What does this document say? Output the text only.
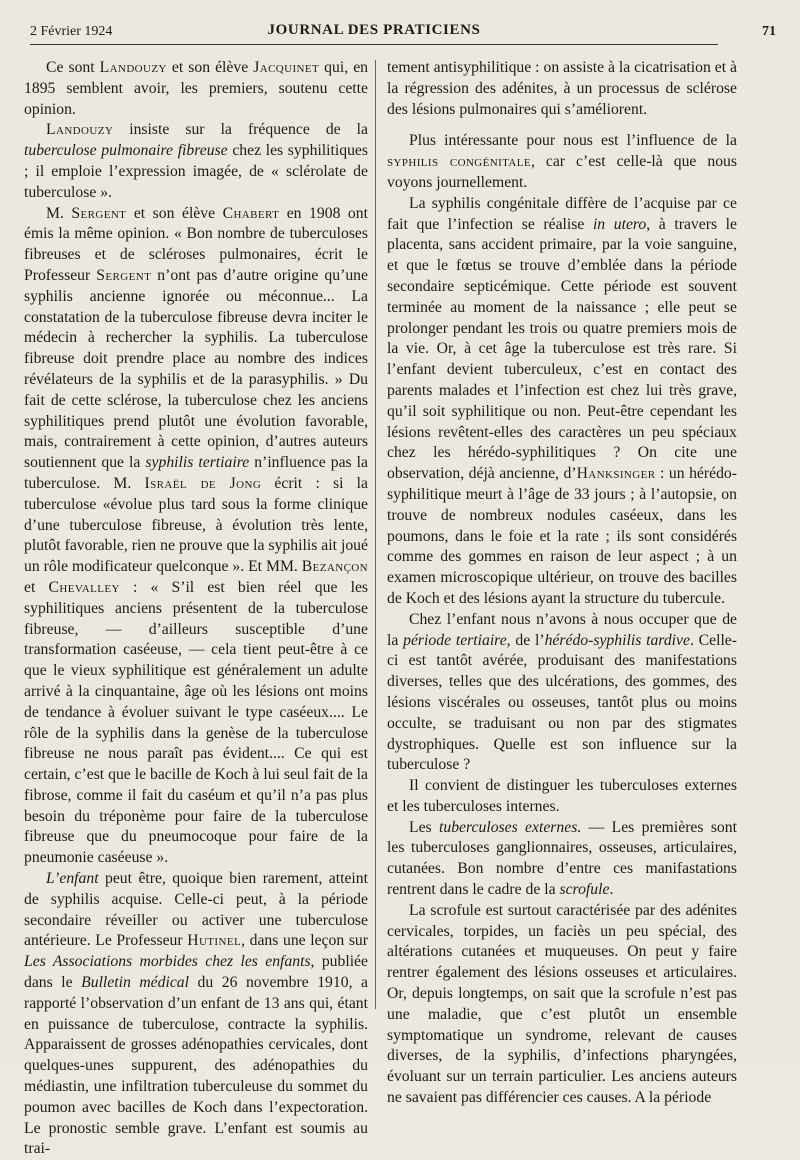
2 Février 1924	JOURNAL DES PRATICIENS	71

Ce sont Landouzy et son élève Jacquinet qui, en 1895 semblent avoir, les premiers, soutenu cette opinion.

Landouzy insiste sur la fréquence de la tuberculose pulmonaire fibreuse chez les syphilitiques ; il emploie l’expression imagée, de « sclérolate de tuberculose ».

M. Sergent et son élève Chabert en 1908 ont émis la même opinion. « Bon nombre de tuberculoses fibreuses et de scléroses pulmonaires, écrit le Professeur Sergent n’ont pas d’autre origine qu’une syphilis ancienne ignorée ou méconnue... La constatation de la tuberculose fibreuse devra inciter le médecin à rechercher la syphilis. La tuberculose fibreuse doit prendre place au nombre des indices révélateurs de la syphilis et de la parasyphilis. » Du fait de cette sclérose, la tuberculose chez les anciens syphilitiques prend plutôt une évolution favorable, mais, contrairement à cette opinion, d’autres auteurs soutiennent que la syphilis tertiaire n’influence pas la tuberculose. M. Israël de Jong écrit : si la tuberculose «évolue plus tard sous la forme clinique d’une tuberculose fibreuse, à évolution très lente, plutôt favorable, rien ne prouve que la syphilis ait joué un rôle modificateur quelconque ». Et MM. Bezançon et Chevalley : « S’il est bien réel que les syphilitiques anciens présentent de la tuberculose fibreuse, — d’ailleurs susceptible d’une transformation caséeuse, — cela tient peut-être à ce que le vieux syphilitique est généralement un adulte arrivé à la cinquantaine, âge où les lésions ont moins de tendance à évoluer suivant le type caséeux.... Le rôle de la syphilis dans la genèse de la tuberculose fibreuse ne nous paraît pas évident.... Ce qui est certain, c’est que le bacille de Koch à lui seul fait de la fibrose, comme il fait du caséum et qu’il n’a pas plus besoin du tréponème pour faire de la tuberculose fibreuse que du pneumocoque pour faire de la pneumonie caséeuse ».

L’enfant peut être, quoique bien rarement, atteint de syphilis acquise. Celle-ci peut, à la période secondaire réveiller ou activer une tuberculose antérieure. Le Professeur Hutinel, dans une leçon sur Les Associations morbides chez les enfants, publiée dans le Bulletin médical du 26 novembre 1910, a rapporté l’observation d’un enfant de 13 ans qui, étant en puissance de tuberculose, contracte la syphilis. Apparaissent de grosses adénopathies cervicales, dont quelques-unes suppurent, des adénopathies du médiastin, une infiltration tuberculeuse du sommet du poumon avec bacilles de Koch dans l’expectoration. Le pronostic semble grave. L’enfant est soumis au trai-

tement antisyphilitique : on assiste à la cicatrisation et à la régression des adénites, à un processus de sclérose des lésions pulmonaires qui s’améliorent.

Plus intéressante pour nous est l’influence de la syphilis congénitale, car c’est celle-là que nous voyons journellement.

La syphilis congénitale diffère de l’acquise par ce fait que l’infection se réalise in utero, à travers le placenta, sans accident primaire, par la voie sanguine, et que le fœtus se trouve d’emblée dans la période secondaire septicémique. Cette période est souvent terminée au moment de la naissance ; elle peut se prolonger pendant les trois ou quatre premiers mois de la vie. Or, à cet âge la tuberculose est très rare. Si l’enfant devient tuberculeux, c’est en contact des parents malades et l’infection est chez lui très grave, qu’il soit syphilitique ou non. Peut-être cependant les lésions revêtent-elles des caractères un peu spéciaux chez les hérédo-syphilitiques ? On cite une observation, déjà ancienne, d’Hanksinger : un hérédo-syphilitique meurt à l’âge de 33 jours ; à l’autopsie, on trouve de nombreux nodules caséeux, dans les poumons, dans le foie et la rate ; ils sont considérés comme des gommes en raison de leur aspect ; à un examen microscopique ultérieur, on trouve des bacilles de Koch et des lésions ayant la structure du tubercule.

Chez l’enfant nous n’avons à nous occuper que de la période tertiaire, de l’hérédo-syphilis tardive. Celle-ci est tantôt avérée, produisant des manifestations diverses, telles que des ulcérations, des gommes, des lésions viscérales ou osseuses, tantôt plus ou moins occulte, se traduisant ou non par des stigmates dystrophiques. Quelle est son influence sur la tuberculose ?

Il convient de distinguer les tuberculoses externes et les tuberculoses internes.

Les tuberculoses externes. — Les premières sont les tuberculoses ganglionnaires, osseuses, articulaires, cutanées. Bon nombre d’entre ces manifastations rentrent dans le cadre de la scrofule.

La scrofule est surtout caractérisée par des adénites cervicales, torpides, un faciès un peu spécial, des altérations cutanées et muqueuses. On peut y faire rentrer également des lésions osseuses et articulaires. Or, depuis longtemps, on sait que la scrofule n’est pas une maladie, que c’est plutôt un ensemble symptomatique un syndrome, relevant de causes diverses, de la syphilis, d’infections pharyngées, évoluant sur un terrain particulier. Les anciens auteurs ne savaient pas différencier ces causes. A la période
